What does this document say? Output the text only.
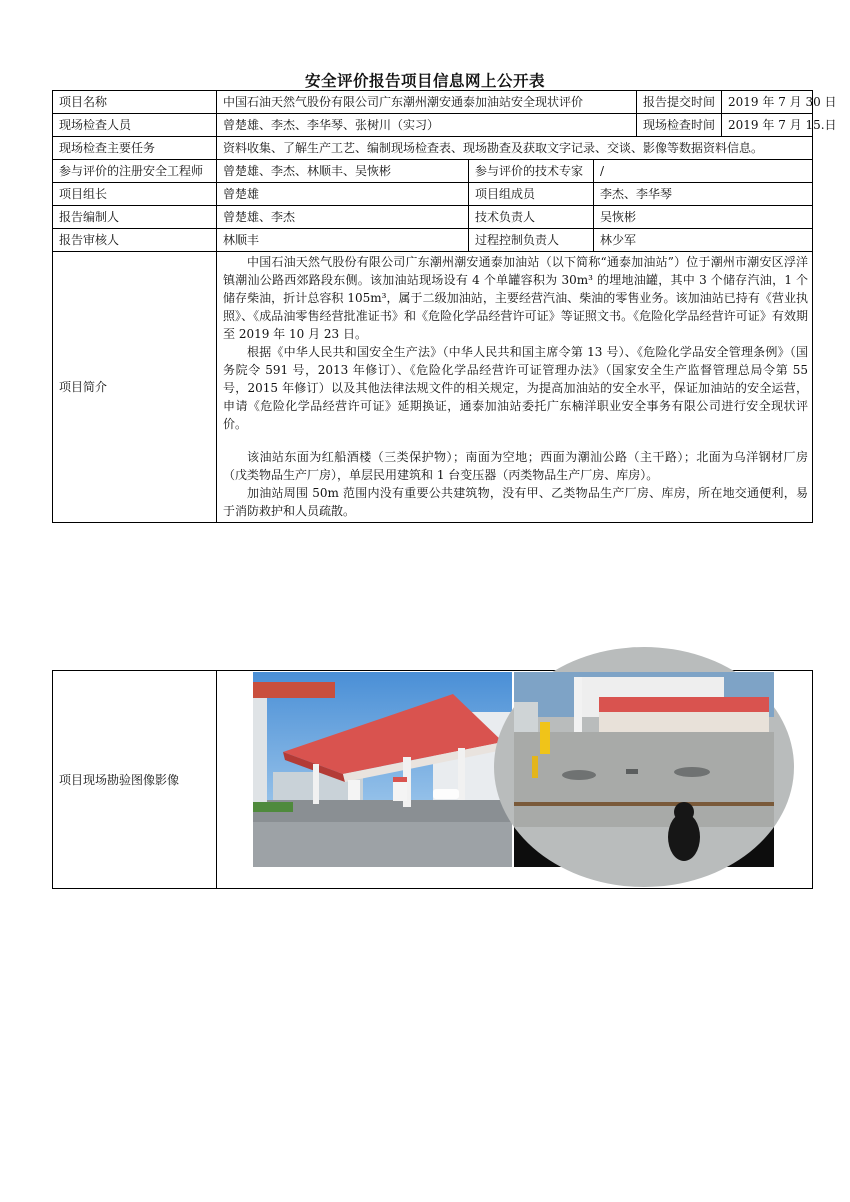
安全评价报告项目信息网上公开表
项目名称	中国石油天然气股份有限公司广东潮州潮安通泰加油站安全现状评价			报告提交时间	2019 年 7 月 30 日
现场检查人员	曾楚雄、李杰、李华琴、张树川（实习）			现场检查时间	2019 年 7 月 15.日
现场检查主要任务	资料收集、了解生产工艺、编制现场检查表、现场勘查及获取文字记录、交谈、影像等数据资料信息。				
参与评价的注册安全工程师	曾楚雄、李杰、林顺丰、吴恢彬	参与评价的技术专家	/		
项目组长	曾楚雄	项目组成员	李杰、李华琴		
报告编制人	曾楚雄、李杰	技术负责人	吴恢彬		
报告审核人	林顺丰	过程控制负责人	林少军		
项目简介	中国石油天然气股份有限公司广东潮州潮安通泰加油站（以下简称“通泰加油站”）位于潮州市潮安区浮洋镇潮汕公路西郊路段东侧。该加油站现场设有 4 个单罐容积为 30m³ 的埋地油罐，其中 3 个储存汽油，1 个储存柴油，折计总容积 105m³，属于二级加油站，主要经营汽油、柴油的零售业务。该加油站已持有《营业执照》、《成品油零售经营批准证书》和《危险化学品经营许可证》等证照文书。《危险化学品经营许可证》有效期至 2019 年 10 月 23 日。

根据《中华人民共和国安全生产法》（中华人民共和国主席令第 13 号）、《危险化学品安全管理条例》（国务院令 591 号，2013 年修订）、《危险化学品经营许可证管理办法》（国家安全生产监督管理总局令第 55 号，2015 年修订）以及其他法律法规文件的相关规定，为提高加油站的安全水平，保证加油站的安全运营，申请《危险化学品经营许可证》延期换证，通泰加油站委托广东楠洋职业安全事务有限公司进行安全现状评价。

该油站东面为红船酒楼（三类保护物）；南面为空地；西面为潮汕公路（主干路）；北面为乌洋钢材厂房（戊类物品生产厂房），单层民用建筑和 1 台变压器（丙类物品生产厂房、库房）。

加油站周围 50m 范围内没有重要公共建筑物，没有甲、乙类物品生产厂房、库房，所在地交通便利，易于消防救护和人员疏散。				

项目现场勘验图像影像	
